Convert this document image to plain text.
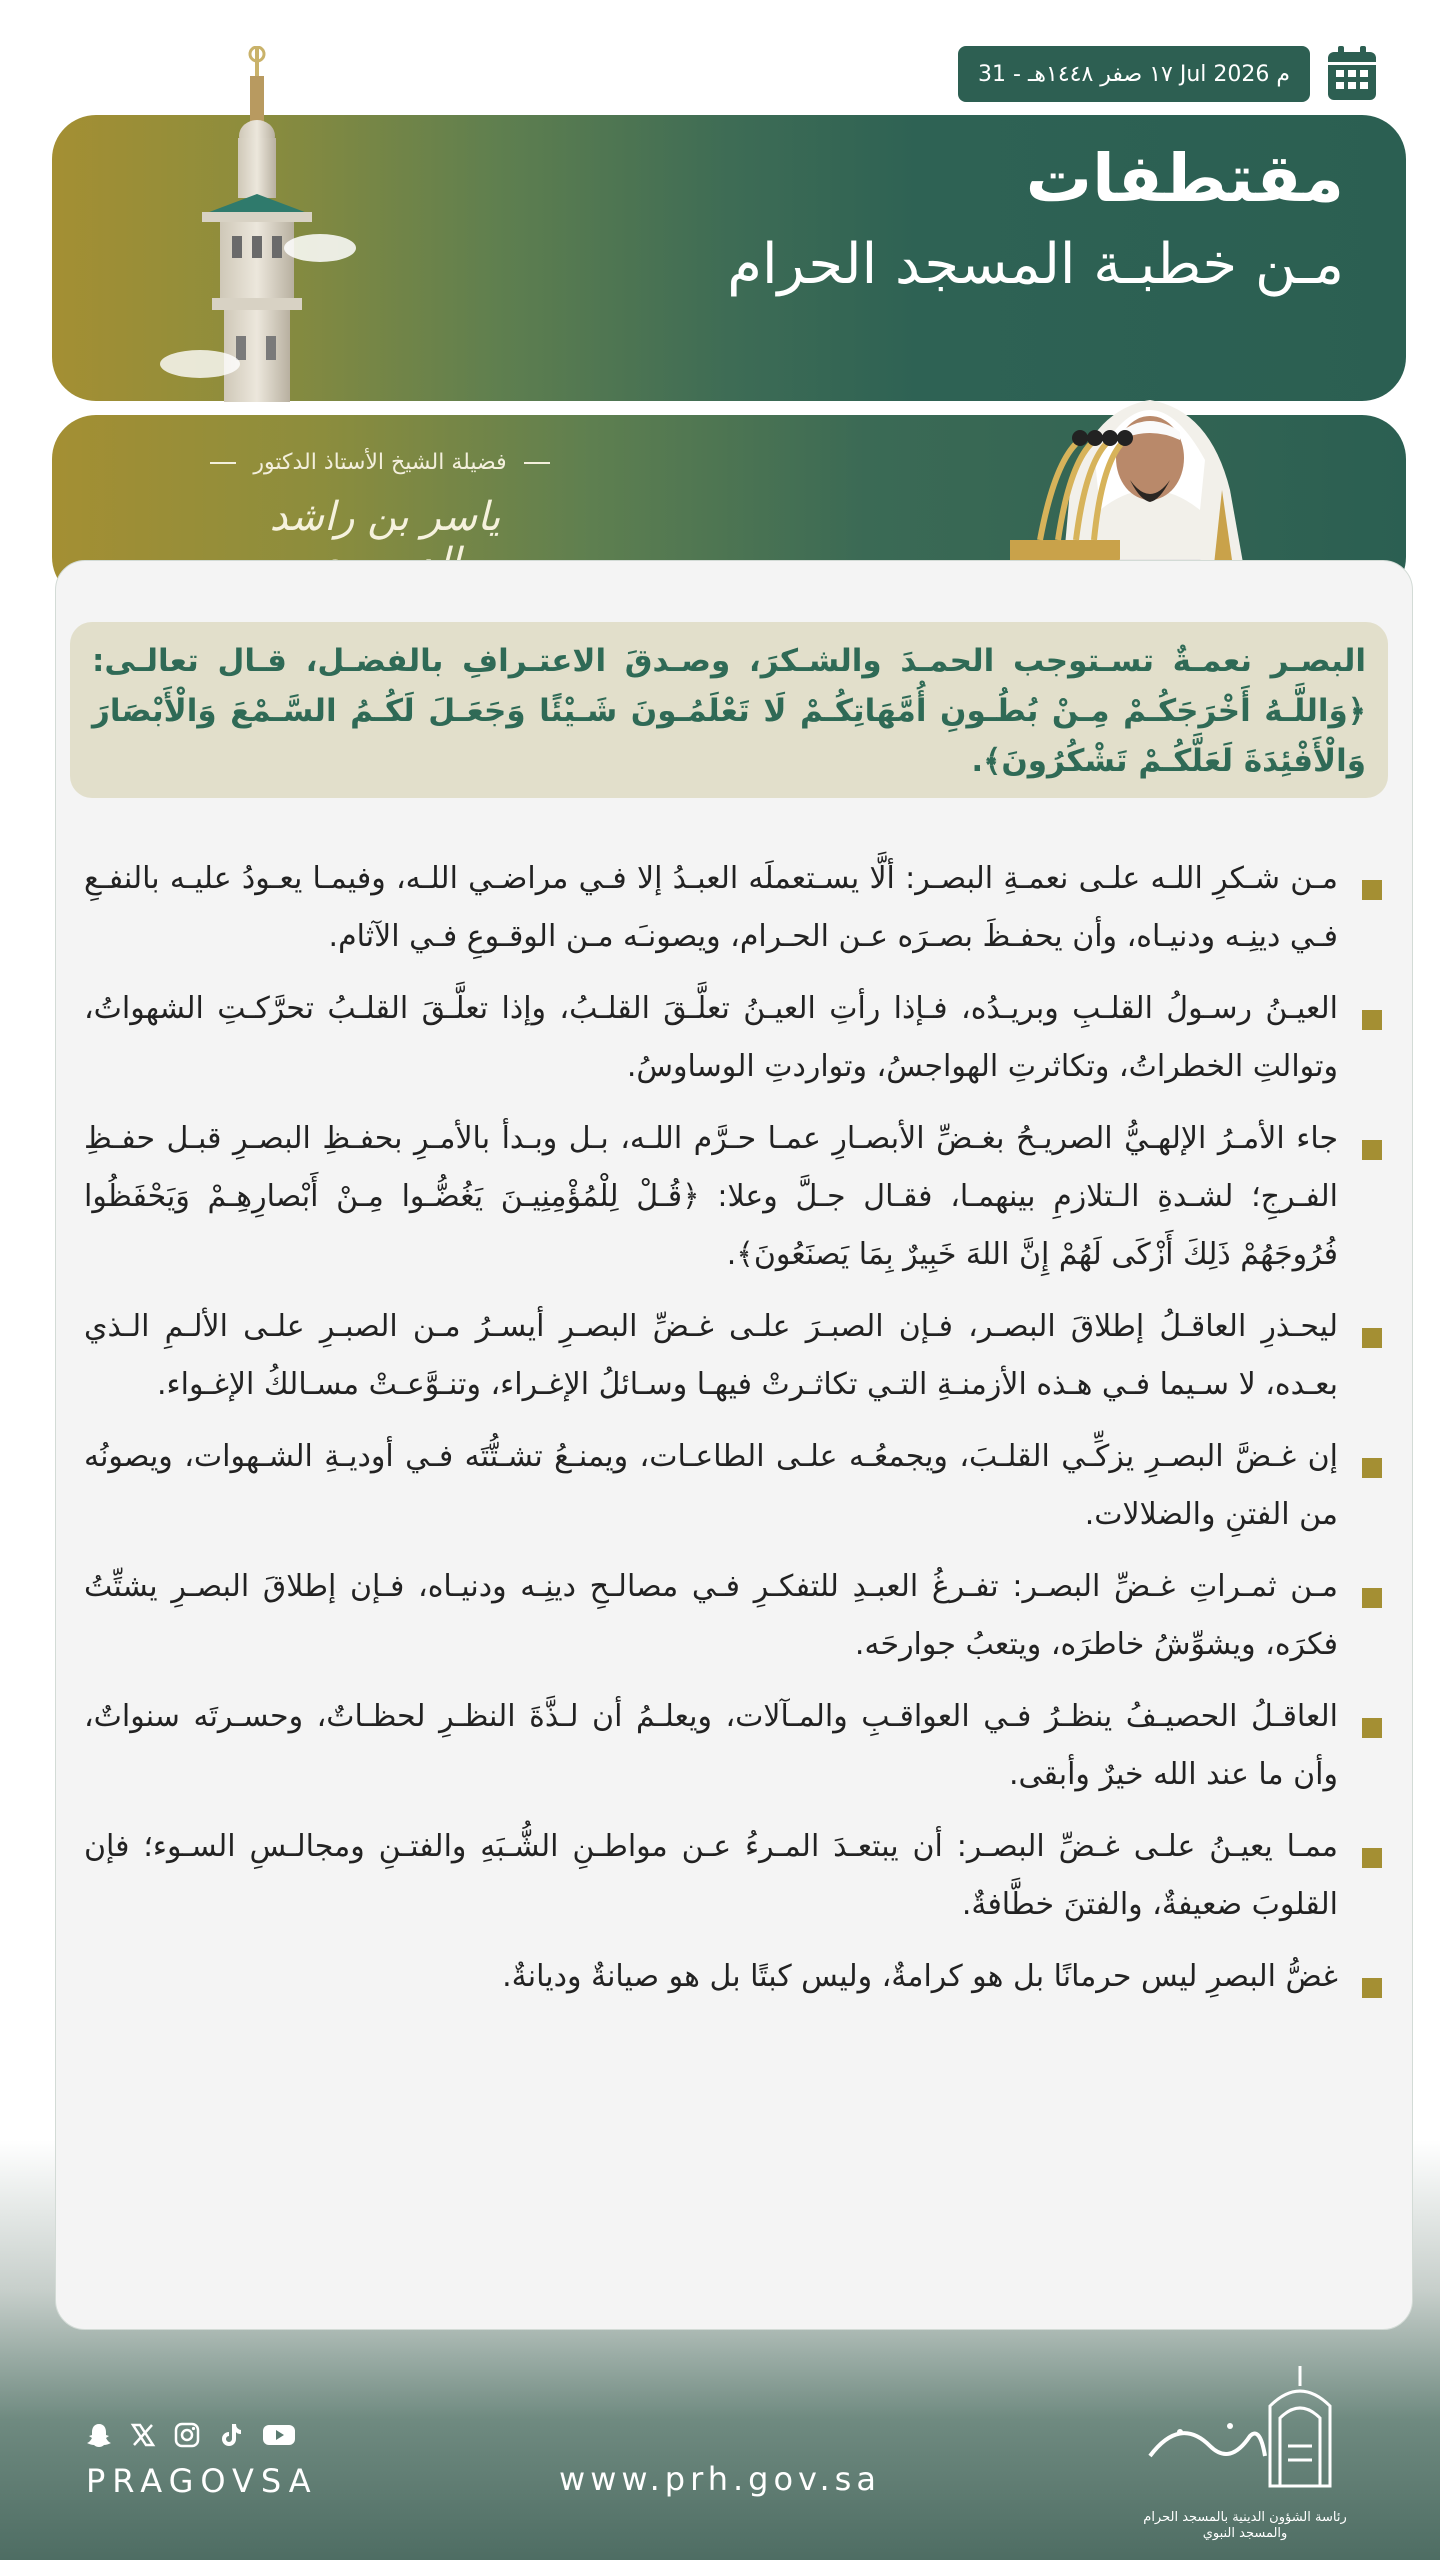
١٧ صفر ١٤٤٨هـ - 31 Jul 2026 م
مقتطفات
مـن خطبـة المسجد الحرام
فضيلة الشيخ الأستاذ الدكتور
ياسر بن راشد
البصـر نعمـةٌ تسـتوجب الحمـدَ والشـكرَ، وصـدقَ الاعتـرافِ بالفضـل، قـال تعالـى: ﴿وَاللَّـهُ أَخْرَجَكُـمْ مِـنْ بُطُـونِ أُمَّهَاتِكُـمْ لَا تَعْلَمُـونَ شَـيْئًا وَجَعَـلَ لَكُـمُ السَّـمْعَ وَالْأَبْصَارَ وَالْأَفْئِدَةَ لَعَلَّكُـمْ تَشْكُرُونَ﴾.
مـن شـكرِ اللـه علـى نعمـةِ البصـر: ألَّا يسـتعملَه العبـدُ إلا فـي مراضـي اللـه، وفيمـا يعـودُ عليـه بالنفـعِ فـي دينِـه ودنيـاه، وأن يحفـظَ بصـرَه عـن الحـرام، ويصونـَه مـن الوقـوعِ فـي الآثام.
العيـنُ رسـولُ القلـبِ وبريـدُه، فـإذا رأتِ العيـنُ تعلَّـقَ القلـبُ، وإذا تعلَّـقَ القلـبُ تحرَّكـتِ الشهواتُ، وتوالتِ الخطراتُ، وتكاثرتِ الهواجسُ، وتواردتِ الوساوسُ.
جاء الأمـرُ الإلهـيُّ الصريـحُ بغـضِّ الأبصـارِ عمـا حـرَّم اللـه، بـل وبـدأ بالأمـرِ بحفـظِ البصـرِ قبـل حفـظِ الفـرجِ؛ لشـدةِ الـتلازمِ بينهمـا، فقـال جـلَّ وعلا: ﴿قُـلْ لِلْمُؤْمِنِيـنَ يَغُضُّـوا مِـنْ أَبْصارِهِـمْ وَيَحْفَظُوا فُرُوجَهُمْ ذَلِكَ أَزْكَى لَهُمْ إِنَّ اللهَ خَبِيرٌ بِمَا يَصنَعُونَ﴾.
ليحـذرِ العاقـلُ إطلاقَ البصـر، فـإن الصبـرَ علـى غـضِّ البصـرِ أيسـرُ مـن الصبـرِ علـى الألـمِ الـذي بعـده، لا سـيما فـي هـذه الأزمنـةِ التـي تكاثـرتْ فيهـا وسـائلُ الإغـراء، وتنـوَّعـتْ مسـالكُ الإغـواء.
إن غـضَّ البصـرِ يزكِّـي القلـبَ، ويجمعُـه علـى الطاعـات، ويمنـعُ تشـتُّتَه فـي أوديـةِ الشـهوات، ويصونُه من الفتنِ والضلالات.
مـن ثمـراتِ غـضِّ البصـر: تفـرغُ العبـدِ للتفكـرِ فـي مصالـحِ دينِـه ودنيـاه، فـإن إطلاقَ البصـرِ يشتِّتُ فكرَه، ويشوِّشُ خاطرَه، ويتعبُ جوارحَه.
العاقـلُ الحصيـفُ ينظـرُ فـي العواقـبِ والمـآلات، ويعلـمُ أن لـذَّةَ النظـرِ لحظـاتٌ، وحسـرتَه سنواتٌ، وأن ما عند الله خيرٌ وأبقى.
ممـا يعيـنُ علـى غـضِّ البصـر: أن يبتعـدَ المـرءُ عـن مواطـنِ الشُّـبَهِ والفتـنِ ومجالـسِ السـوء؛ فإن القلوبَ ضعيفةٌ، والفتنَ خطَّافةٌ.
غضُّ البصرِ ليس حرمانًا بل هو كرامةٌ، وليس كبتًا بل هو صيانةٌ وديانةٌ.
PRAGOVSA	www.prh.gov.sa
رئاسة الشؤون الدينية بالمسجد الحرام والمسجد النبوي
